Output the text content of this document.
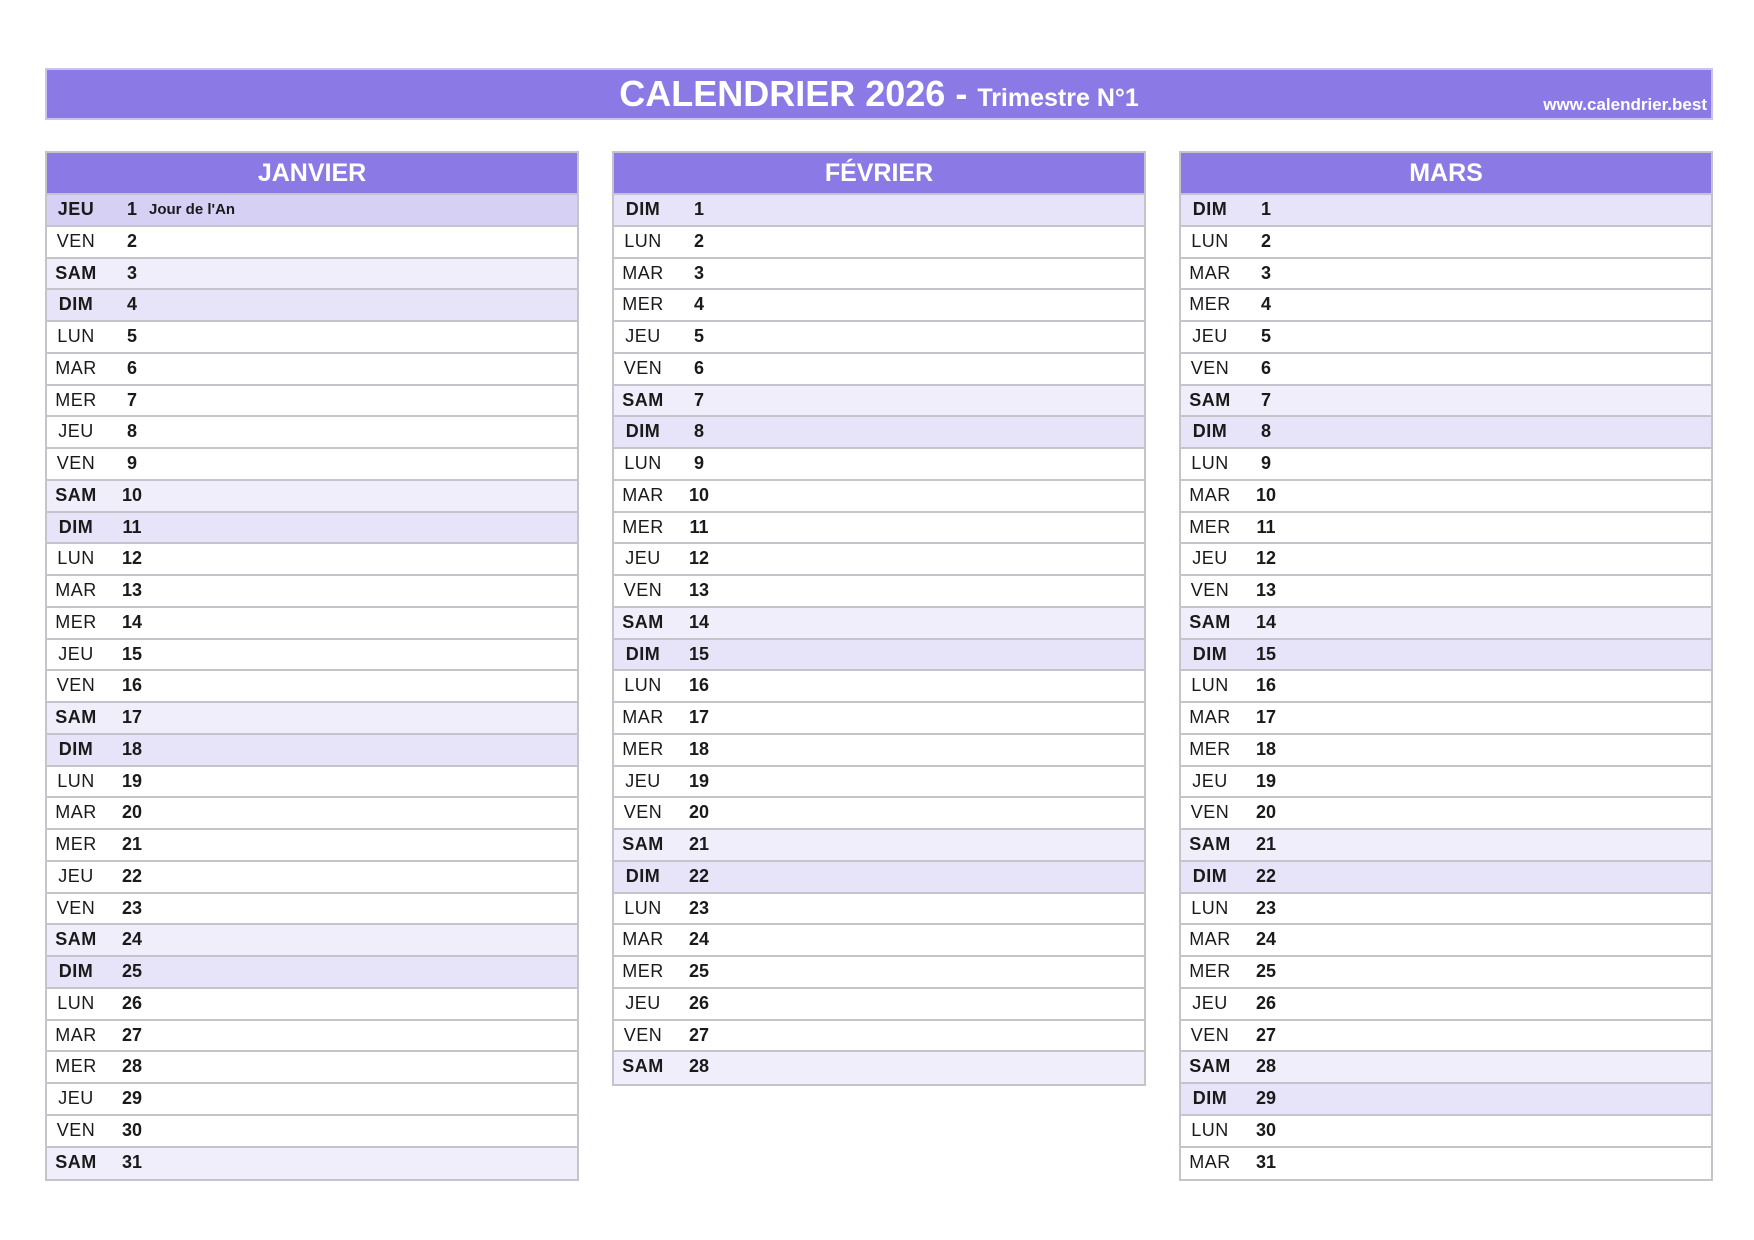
CALENDRIER 2026 - Trimestre N°1	www.calendrier.best
JANVIER
JEU	1 Jour de l'An
VEN	2
SAM	3
DIM	4
LUN	5
MAR	6
MER	7
JEU	8
VEN	9
SAM	10
DIM	11
LUN	12
MAR	13
MER	14
JEU	15
VEN	16
SAM	17
DIM	18
LUN	19
MAR	20
MER	21
JEU	22
VEN	23
SAM	24
DIM	25
LUN	26
MAR	27
MER	28
JEU	29
VEN	30
SAM	31
FÉVRIER
DIM	1
LUN	2
MAR	3
MER	4
JEU	5
VEN	6
SAM	7
DIM	8
LUN	9
MAR	10
MER	11
JEU	12
VEN	13
SAM	14
DIM	15
LUN	16
MAR	17
MER	18
JEU	19
VEN	20
SAM	21
DIM	22
LUN	23
MAR	24
MER	25
JEU	26
VEN	27
SAM	28
MARS
DIM	1
LUN	2
MAR	3
MER	4
JEU	5
VEN	6
SAM	7
DIM	8
LUN	9
MAR	10
MER	11
JEU	12
VEN	13
SAM	14
DIM	15
LUN	16
MAR	17
MER	18
JEU	19
VEN	20
SAM	21
DIM	22
LUN	23
MAR	24
MER	25
JEU	26
VEN	27
SAM	28
DIM	29
LUN	30
MAR	31
